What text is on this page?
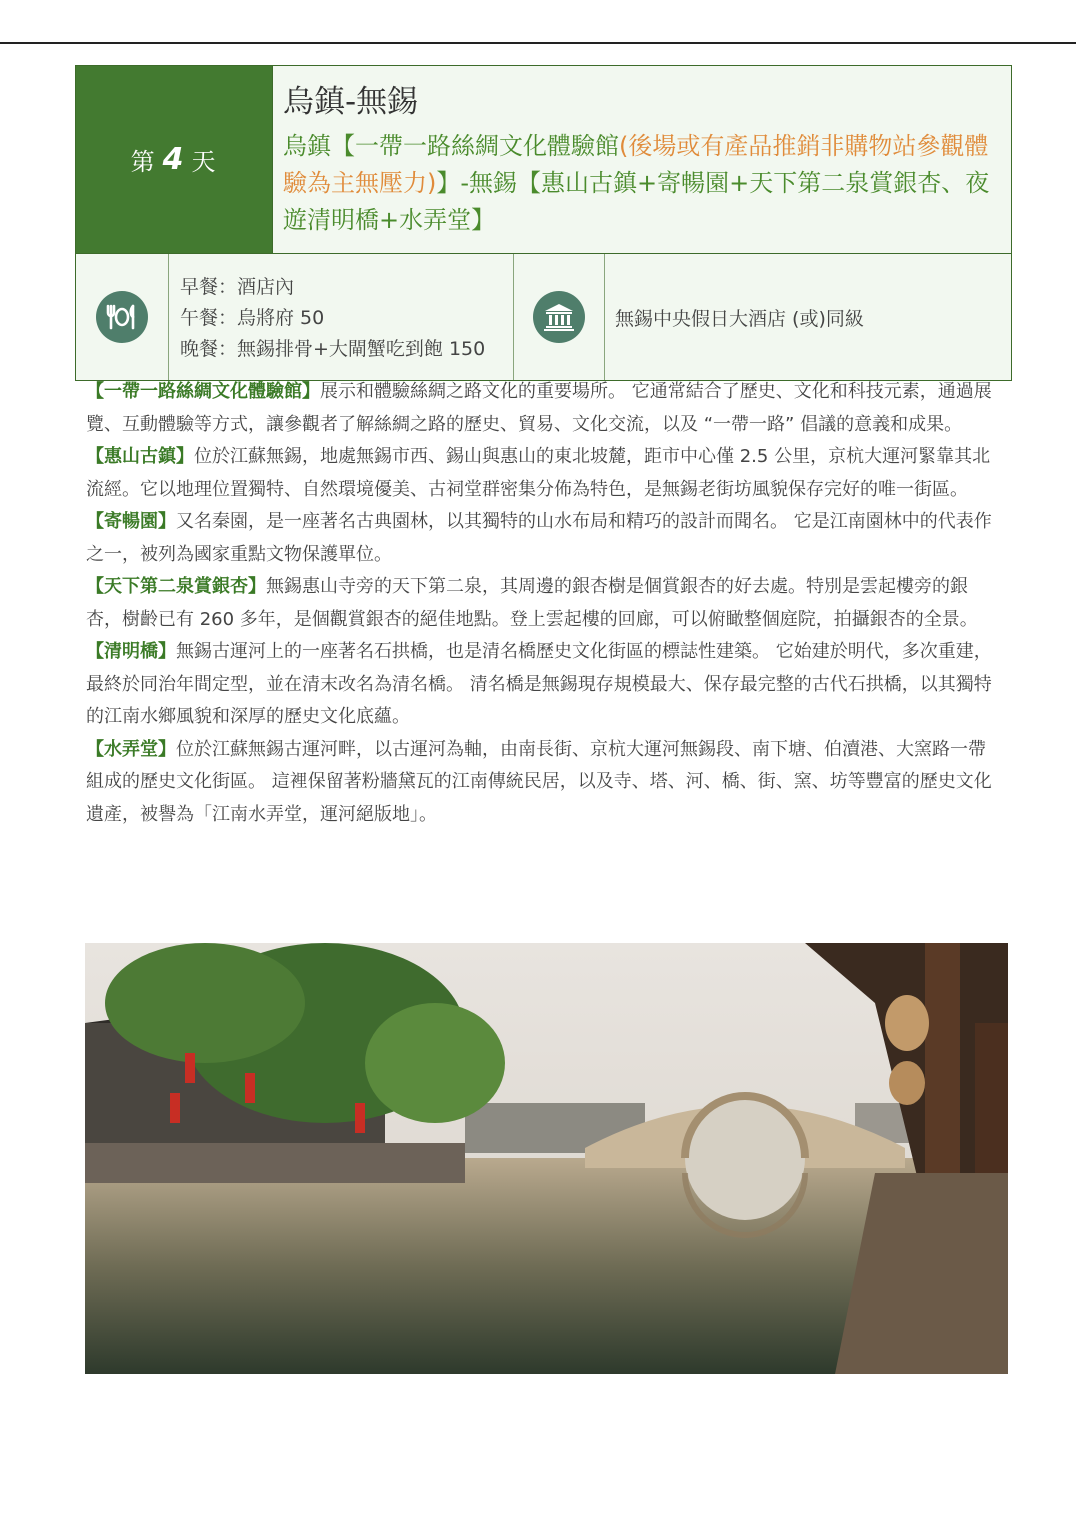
第 4 天
烏鎮-無錫
烏鎮【一帶一路絲綢文化體驗館(後場或有產品推銷非購物站參觀體驗為主無壓力)】-無錫【惠山古鎮+寄暢園+天下第二泉賞銀杏、夜遊清明橋+水弄堂】
早餐：酒店內
午餐：烏將府 50
晚餐：無錫排骨+大閘蟹吃到飽 150
無錫中央假日大酒店 (或)同級

【一帶一路絲綢文化體驗館】展示和體驗絲綢之路文化的重要場所。 它通常結合了歷史、文化和科技元素，通過展覽、互動體驗等方式，讓參觀者了解絲綢之路的歷史、貿易、文化交流，以及 “一帶一路” 倡議的意義和成果。

【惠山古鎮】位於江蘇無錫，地處無錫市西、錫山與惠山的東北坡麓，距市中心僅 2.5 公里，京杭大運河緊靠其北流經。它以地理位置獨特、自然環境優美、古祠堂群密集分佈為特色，是無錫老街坊風貌保存完好的唯一街區。

【寄暢園】又名秦園，是一座著名古典園林，以其獨特的山水布局和精巧的設計而聞名。 它是江南園林中的代表作之一，被列為國家重點文物保護單位。

【天下第二泉賞銀杏】無錫惠山寺旁的天下第二泉，其周邊的銀杏樹是個賞銀杏的好去處。特別是雲起樓旁的銀杏，樹齡已有 260 多年，是個觀賞銀杏的絕佳地點。登上雲起樓的回廊，可以俯瞰整個庭院，拍攝銀杏的全景。

【清明橋】無錫古運河上的一座著名石拱橋，也是清名橋歷史文化街區的標誌性建築。 它始建於明代，多次重建，最終於同治年間定型，並在清末改名為清名橋。 清名橋是無錫現存規模最大、保存最完整的古代石拱橋，以其獨特的江南水鄉風貌和深厚的歷史文化底蘊。

【水弄堂】位於江蘇無錫古運河畔，以古運河為軸，由南長街、京杭大運河無錫段、南下塘、伯瀆港、大窯路一帶組成的歷史文化街區。 這裡保留著粉牆黛瓦的江南傳統民居，以及寺、塔、河、橋、街、窯、坊等豐富的歷史文化遺產，被譽為「江南水弄堂，運河絕版地」。
